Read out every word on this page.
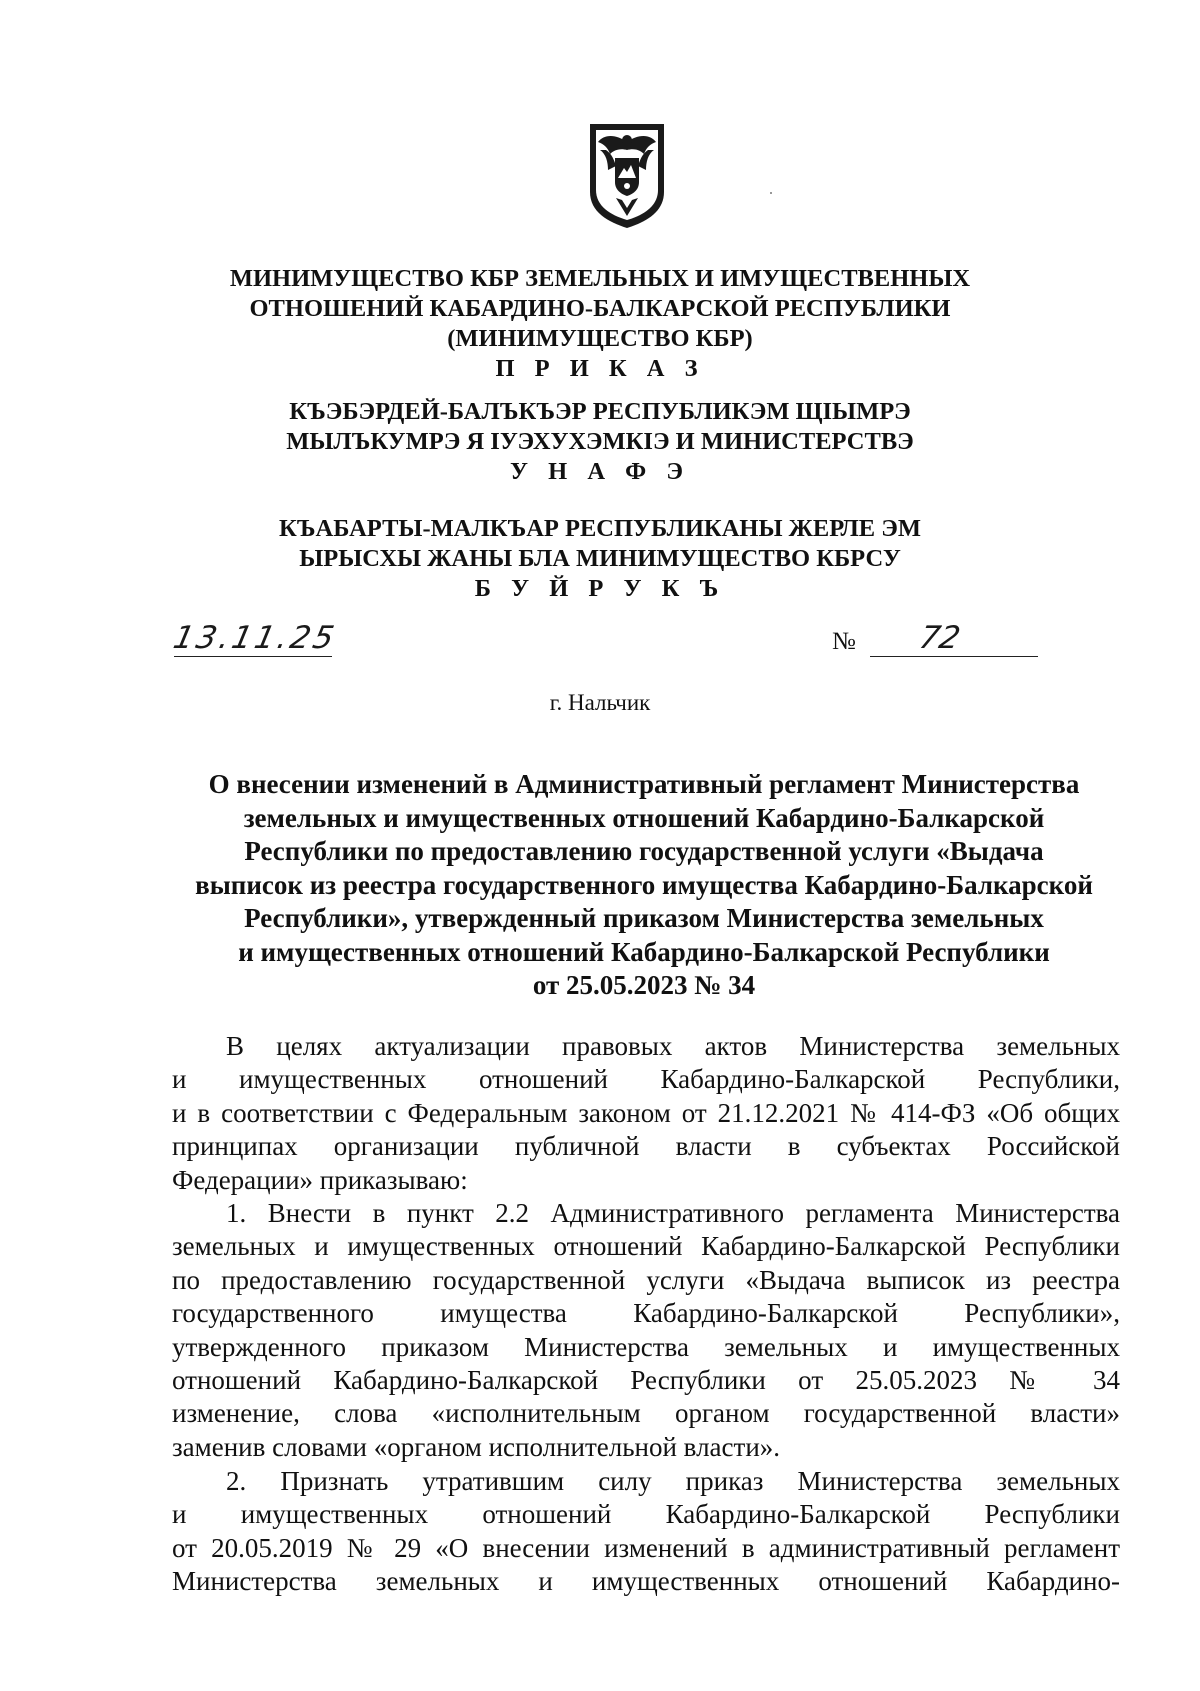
МИНИМУЩЕСТВО КБР ЗЕМЕЛЬНЫХ И ИМУЩЕСТВЕННЫХ
ОТНОШЕНИЙ КАБАРДИНО-БАЛКАРСКОЙ РЕСПУБЛИКИ
(МИНИМУЩЕСТВО КБР)
П Р И К А З
КЪЭБЭРДЕЙ-БАЛЪКЪЭР РЕСПУБЛИКЭМ ЩIЫМРЭ
МЫЛЪКУМРЭ Я IУЭХУХЭМКIЭ И МИНИСТЕРСТВЭ
У Н А Ф Э
КЪАБАРТЫ-МАЛКЪАР РЕСПУБЛИКАНЫ ЖЕРЛЕ ЭМ
ЫРЫСХЫ ЖАНЫ БЛА МИНИМУЩЕСТВО КБРСУ
Б У Й Р У К Ъ
13.11.25	№ 72
г. Нальчик
О внесении изменений в Административный регламент Министерства
земельных и имущественных отношений Кабардино-Балкарской
Республики по предоставлению государственной услуги «Выдача
выписок из реестра государственного имущества Кабардино-Балкарской
Республики», утвержденный приказом Министерства земельных
и имущественных отношений Кабардино-Балкарской Республики
от 25.05.2023 № 34
В целях актуализации правовых актов Министерства земельных
и имущественных отношений Кабардино-Балкарской Республики,
и в соответствии с Федеральным законом от 21.12.2021 № 414-ФЗ «Об общих
принципах организации публичной власти в субъектах Российской
Федерации» приказываю:
1. Внести в пункт 2.2 Административного регламента Министерства
земельных и имущественных отношений Кабардино-Балкарской Республики
по предоставлению государственной услуги «Выдача выписок из реестра
государственного имущества Кабардино-Балкарской Республики»,
утвержденного приказом Министерства земельных и имущественных
отношений Кабардино-Балкарской Республики от 25.05.2023 № 34
изменение, слова «исполнительным органом государственной власти»
заменив словами «органом исполнительной власти».
2. Признать утратившим силу приказ Министерства земельных
и имущественных отношений Кабардино-Балкарской Республики
от 20.05.2019 № 29 «О внесении изменений в административный регламент
Министерства земельных и имущественных отношений Кабардино-
